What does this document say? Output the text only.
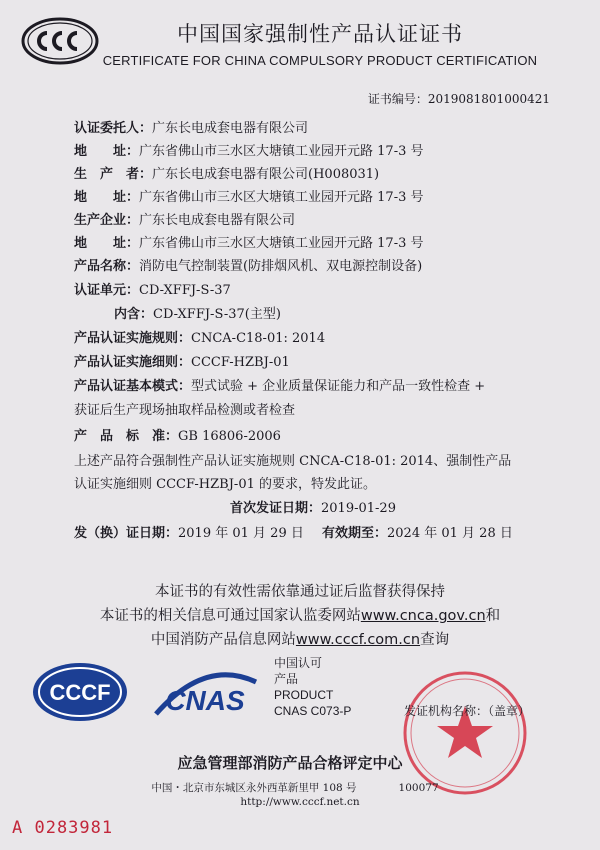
中国国家强制性产品认证证书
CERTIFICATE FOR CHINA COMPULSORY PRODUCT CERTIFICATION
证书编号：2019081801000421
认证委托人：广东长电成套电器有限公司
地　　址：广东省佛山市三水区大塘镇工业园开元路 17-3 号
生　产　者：广东长电成套电器有限公司(H008031)
地　　址：广东省佛山市三水区大塘镇工业园开元路 17-3 号
生产企业：广东长电成套电器有限公司
地　　址：广东省佛山市三水区大塘镇工业园开元路 17-3 号
产品名称：消防电气控制装置(防排烟风机、双电源控制设备)
认证单元：CD-XFFJ-S-37
内含：CD-XFFJ-S-37(主型)
产品认证实施规则：CNCA-C18-01: 2014
产品认证实施细则：CCCF-HZBJ-01
产品认证基本模式：型式试验 + 企业质量保证能力和产品一致性检查 +
获证后生产现场抽取样品检测或者检查
产　品　标　准：GB 16806-2006
上述产品符合强制性产品认证实施规则 CNCA-C18-01: 2014、强制性产品
认证实施细则 CCCF-HZBJ-01 的要求，特发此证。
首次发证日期：2019-01-29
发（换）证日期：2019 年 01 月 29 日 有效期至：2024 年 01 月 28 日
本证书的有效性需依靠通过证后监督获得保持
本证书的相关信息可通过国家认监委网站www.cnca.gov.cn和
中国消防产品信息网站www.cccf.com.cn查询
CCCF CNAS
中国认可
产品
PRODUCT
CNAS C073-P	发证机构名称：（盖章）
应急管理部消防产品合格评定中心
中国・北京市东城区永外西革新里甲 108 号　　　　100077
http://www.cccf.net.cn
A 0283981
